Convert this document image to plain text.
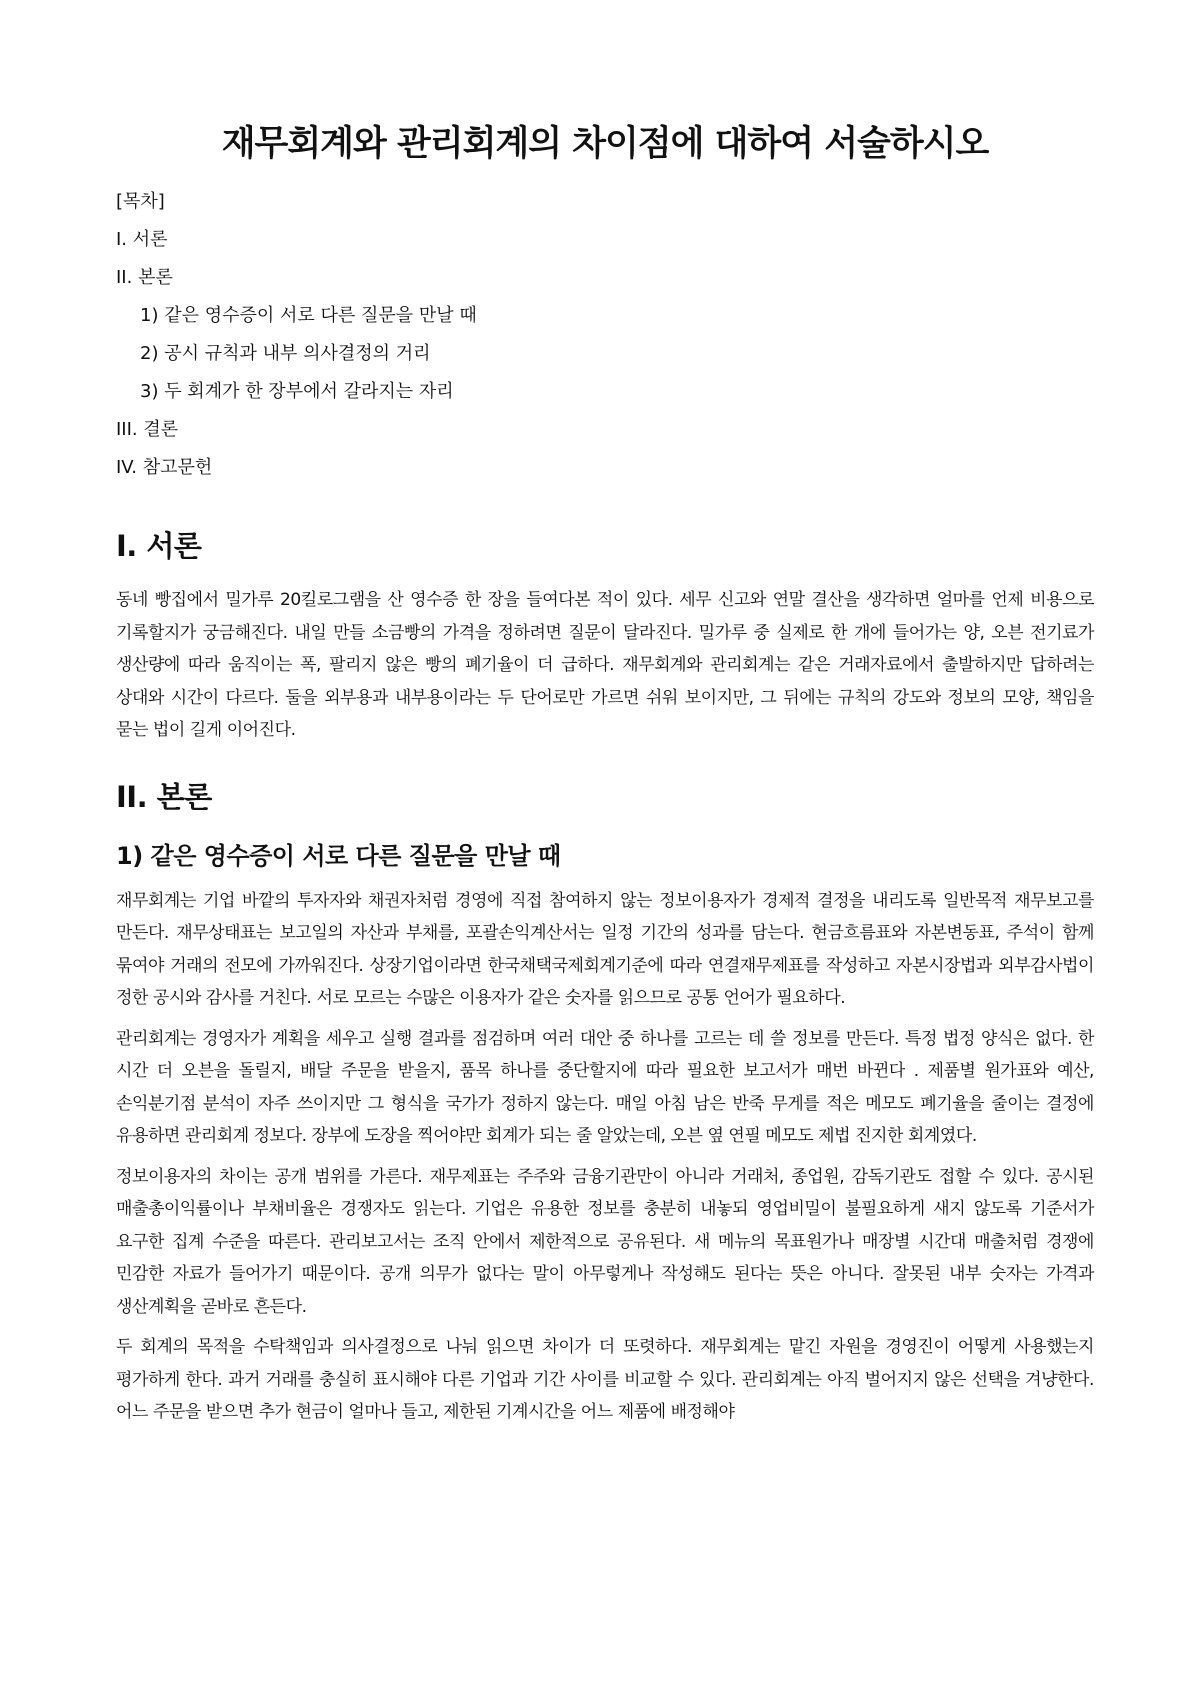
재무회계와 관리회계의 차이점에 대하여 서술하시오

[목차]

I. 서론

II. 본론

1) 같은 영수증이 서로 다른 질문을 만날 때

2) 공시 규칙과 내부 의사결정의 거리

3) 두 회계가 한 장부에서 갈라지는 자리

III. 결론

IV. 참고문헌

I. 서론

동네 빵집에서 밀가루 20킬로그램을 산 영수증 한 장을 들여다본 적이 있다. 세무 신고와 연말 결산을 생각하면 얼마를 언제 비용으로 기록할지가 궁금해진다. 내일 만들 소금빵의 가격을 정하려면 질문이 달라진다. 밀가루 중 실제로 한 개에 들어가는 양, 오븐 전기료가 생산량에 따라 움직이는 폭, 팔리지 않은 빵의 폐기율이 더 급하다. 재무회계와 관리회계는 같은 거래자료에서 출발하지만 답하려는 상대와 시간이 다르다. 둘을 외부용과 내부용이라는 두 단어로만 가르면 쉬워 보이지만, 그 뒤에는 규칙의 강도와 정보의 모양, 책임을 묻는 법이 길게 이어진다.

II. 본론
1) 같은 영수증이 서로 다른 질문을 만날 때

재무회계는 기업 바깥의 투자자와 채권자처럼 경영에 직접 참여하지 않는 정보이용자가 경제적 결정을 내리도록 일반목적 재무보고를 만든다. 재무상태표는 보고일의 자산과 부채를, 포괄손익계산서는 일정 기간의 성과를 담는다. 현금흐름표와 자본변동표, 주석이 함께 묶여야 거래의 전모에 가까워진다. 상장기업이라면 한국채택국제회계기준에 따라 연결재무제표를 작성하고 자본시장법과 외부감사법이 정한 공시와 감사를 거친다. 서로 모르는 수많은 이용자가 같은 숫자를 읽으므로 공통 언어가 필요하다.

관리회계는 경영자가 계획을 세우고 실행 결과를 점검하며 여러 대안 중 하나를 고르는 데 쓸 정보를 만든다. 특정 법정 양식은 없다. 한 시간 더 오븐을 돌릴지, 배달 주문을 받을지, 품목 하나를 중단할지에 따라 필요한 보고서가 매번 바뀐다 . 제품별 원가표와 예산, 손익분기점 분석이 자주 쓰이지만 그 형식을 국가가 정하지 않는다. 매일 아침 남은 반죽 무게를 적은 메모도 폐기율을 줄이는 결정에 유용하면 관리회계 정보다. 장부에 도장을 찍어야만 회계가 되는 줄 알았는데, 오븐 옆 연필 메모도 제법 진지한 회계였다.

정보이용자의 차이는 공개 범위를 가른다. 재무제표는 주주와 금융기관만이 아니라 거래처, 종업원, 감독기관도 접할 수 있다. 공시된 매출총이익률이나 부채비율은 경쟁자도 읽는다. 기업은 유용한 정보를 충분히 내놓되 영업비밀이 불필요하게 새지 않도록 기준서가 요구한 집계 수준을 따른다. 관리보고서는 조직 안에서 제한적으로 공유된다. 새 메뉴의 목표원가나 매장별 시간대 매출처럼 경쟁에 민감한 자료가 들어가기 때문이다. 공개 의무가 없다는 말이 아무렇게나 작성해도 된다는 뜻은 아니다. 잘못된 내부 숫자는 가격과 생산계획을 곧바로 흔든다.

두 회계의 목적을 수탁책임과 의사결정으로 나눠 읽으면 차이가 더 또렷하다. 재무회계는 맡긴 자원을 경영진이 어떻게 사용했는지 평가하게 한다. 과거 거래를 충실히 표시해야 다른 기업과 기간 사이를 비교할 수 있다. 관리회계는 아직 벌어지지 않은 선택을 겨냥한다. 어느 주문을 받으면 추가 현금이 얼마나 들고, 제한된 기계시간을 어느 제품에 배정해야
